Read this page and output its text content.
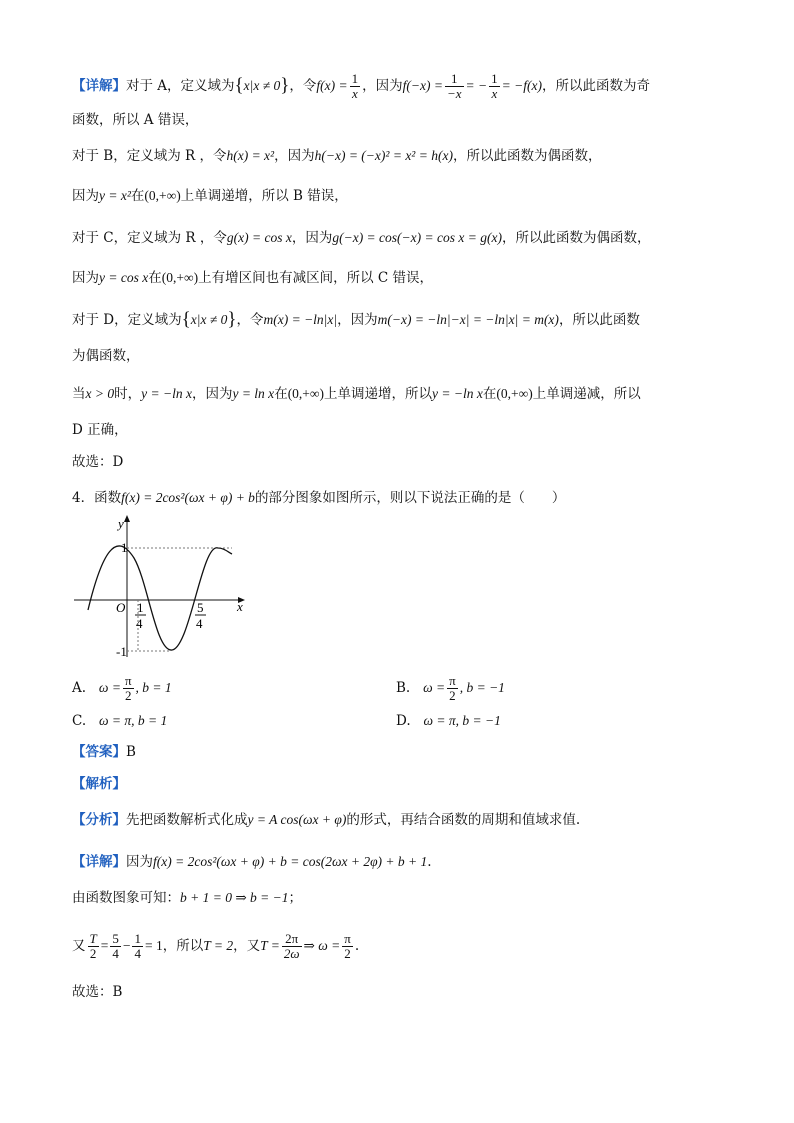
【详解】对于 A，定义域为{x|x ≠ 0}，令$f(x) = \frac{1}{x}$ ，因为$f(-x) = \frac{1}{-x}$ = − $\frac{1}{x} = -f(x)$，所以此函数为奇
函数，所以 A 错误，
对于 B，定义域为 R ，令h(x) = x²，因为h(−x) = (−x)² = x² = h(x)，所以此函数为偶函数，
因为y = x²在(0,+∞)上单调递增，所以 B 错误，
对于 C，定义域为 R ，令g(x) = cos x，因为g(−x) = cos(−x) = cos x = g(x)，所以此函数为偶函数，
因为y = cos x在(0,+∞)上有增区间也有减区间，所以 C 错误，
对于 D，定义域为{x|x ≠ 0}，令m(x) = −ln|x|，因为m(−x) = −ln|−x| = −ln|x| = m(x)，所以此函数
为偶函数，
当x > 0时，y = −ln x，因为y = ln x在(0,+∞)上单调递增，所以y = −ln x在(0,+∞)上单调递减，所以
D 正确，
故选：D
4．函数f(x) = 2cos²(ωx + φ) + b的部分图象如图所示，则以下说法正确的是（　　）
y
x
O
1
-1
1
4
5
4
A. $\omega = \frac{\pi}{2}$ , b = 1	B. $\omega = \frac{\pi}{2}$ , b = −1
C. ω = π, b = 1	D. ω = π, b = −1
【答案】B
【解析】
【分析】先把函数解析式化成y = A cos(ωx + φ)的形式，再结合函数的周期和值域求值.
【详解】因为f(x) = 2cos²(ωx + φ) + b = cos(2ωx + 2φ) + b + 1.
由函数图象可知：b + 1 = 0 ⇒ b = −1；
又 $\frac{T}{2} = \frac{5}{4} - \frac{1}{4} = 1$，所以T = 2，又$T = \frac{2\pi}{2\omega}$ ⇒ $\omega = \frac{\pi}{2}$ .
故选：B
